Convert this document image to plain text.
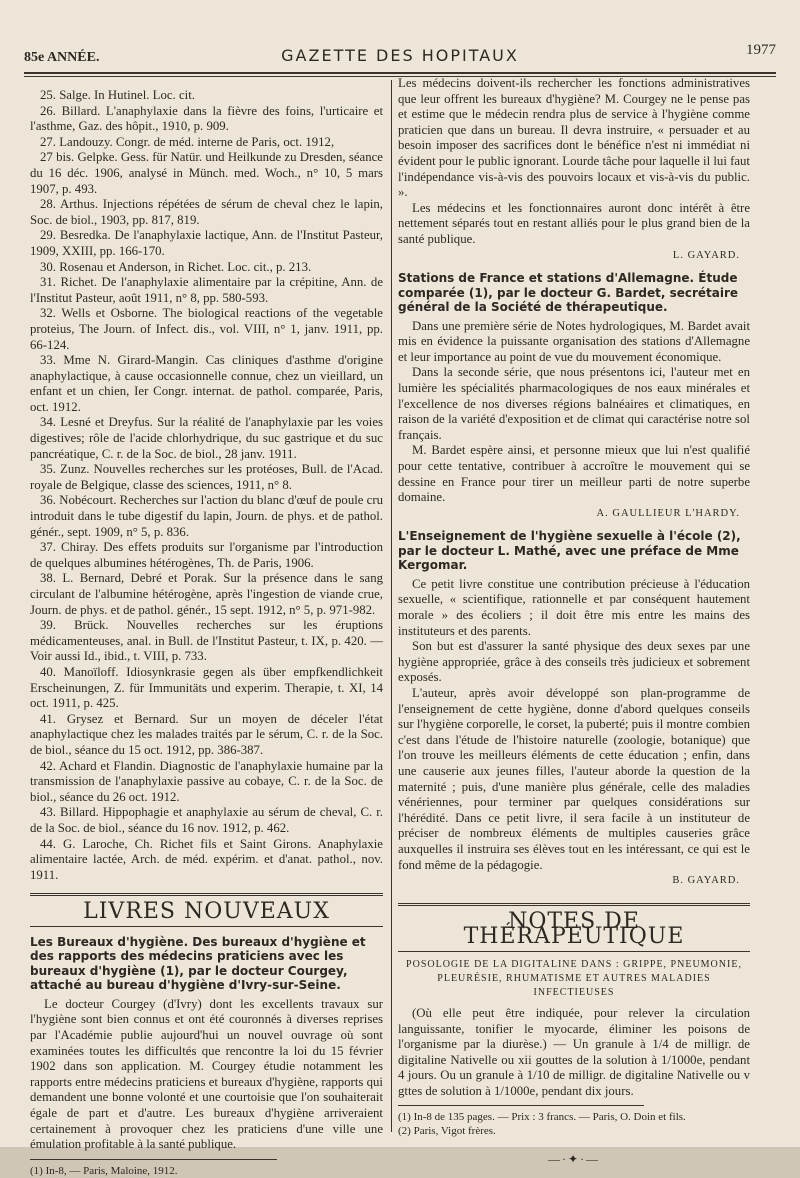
85e ANNÉE.	GAZETTE DES HOPITAUX	1977

25. Salge. In Hutinel. Loc. cit.

26. Billard. L'anaphylaxie dans la fièvre des foins, l'urticaire et l'asthme, Gaz. des hôpit., 1910, p. 909.

27. Landouzy. Congr. de méd. interne de Paris, oct. 1912,

27 bis. Gelpke. Gess. für Natür. und Heilkunde zu Dresden, séance du 16 déc. 1906, analysé in Münch. med. Woch., n° 10, 5 mars 1907, p. 493.

28. Arthus. Injections répétées de sérum de cheval chez le lapin, Soc. de biol., 1903, pp. 817, 819.

29. Besredka. De l'anaphylaxie lactique, Ann. de l'Institut Pasteur, 1909, XXIII, pp. 166-170.

30. Rosenau et Anderson, in Richet. Loc. cit., p. 213.

31. Richet. De l'anaphylaxie alimentaire par la crépitine, Ann. de l'Institut Pasteur, août 1911, n° 8, pp. 580-593.

32. Wells et Osborne. The biological reactions of the vegetable proteius, The Journ. of Infect. dis., vol. VIII, n° 1, janv. 1911, pp. 66-124.

33. Mme N. Girard-Mangin. Cas cliniques d'asthme d'origine anaphylactique, à cause occasionnelle connue, chez un vieillard, un enfant et un chien, Ier Congr. internat. de pathol. comparée, Paris, oct. 1912.

34. Lesné et Dreyfus. Sur la réalité de l'anaphylaxie par les voies digestives; rôle de l'acide chlorhydrique, du suc gastrique et du suc pancréatique, C. r. de la Soc. de biol., 28 janv. 1911.

35. Zunz. Nouvelles recherches sur les protéoses, Bull. de l'Acad. royale de Belgique, classe des sciences, 1911, n° 8.

36. Nobécourt. Recherches sur l'action du blanc d'œuf de poule cru introduit dans le tube digestif du lapin, Journ. de phys. et de pathol. génér., sept. 1909, n° 5, p. 836.

37. Chiray. Des effets produits sur l'organisme par l'introduction de quelques albumines hétérogènes, Th. de Paris, 1906.

38. L. Bernard, Debré et Porak. Sur la présence dans le sang circulant de l'albumine hétérogène, après l'ingestion de viande crue, Journ. de phys. et de pathol. génér., 15 sept. 1912, n° 5, p. 971-982.

39. Brück. Nouvelles recherches sur les éruptions médicamenteuses, anal. in Bull. de l'Institut Pasteur, t. IX, p. 420. — Voir aussi Id., ibid., t. VIII, p. 733.

40. Manoïloff. Idiosynkrasie gegen als über empfkendlichkeit Erscheinungen, Z. für Immunitäts und experim. Therapie, t. XI, 14 oct. 1911, p. 425.

41. Grysez et Bernard. Sur un moyen de déceler l'état anaphylactique chez les malades traités par le sérum, C. r. de la Soc. de biol., séance du 15 oct. 1912, pp. 386-387.

42. Achard et Flandin. Diagnostic de l'anaphylaxie humaine par la transmission de l'anaphylaxie passive au cobaye, C. r. de la Soc. de biol., séance du 26 oct. 1912.

43. Billard. Hippophagie et anaphylaxie au sérum de cheval, C. r. de la Soc. de biol., séance du 16 nov. 1912, p. 462.

44. G. Laroche, Ch. Richet fils et Saint Girons. Anaphylaxie alimentaire lactée, Arch. de méd. expérim. et d'anat. pathol., nov. 1911.

LIVRES NOUVEAUX
Les Bureaux d'hygiène. Des bureaux d'hygiène et des rapports des médecins praticiens avec les bureaux d'hygiène (1), par le docteur Courgey, attaché au bureau d'hygiène d'Ivry-sur-Seine.

Le docteur Courgey (d'Ivry) dont les excellents travaux sur l'hygiène sont bien connus et ont été couronnés à diverses reprises par l'Académie publie aujourd'hui un nouvel ouvrage où sont examinées toutes les difficultés que rencontre la loi du 15 février 1902 dans son application. M. Courgey étudie notamment les rapports entre médecins praticiens et bureaux d'hygiène, rapports qui demandent une bonne volonté et une courtoisie que l'on souhaiterait égale de part et d'autre. Les bureaux d'hygiène arriveraient certainement à provoquer chez les praticiens d'une ville une émulation profitable à la santé publique.

(1) In-8, — Paris, Maloine, 1912.

Les médecins doivent-ils rechercher les fonctions administratives que leur offrent les bureaux d'hygiène? M. Courgey ne le pense pas et estime que le médecin rendra plus de service à l'hygiène comme praticien que dans un bureau. Il devra instruire, « persuader et au besoin imposer des sacrifices dont le bénéfice n'est ni immédiat ni évident pour le public ignorant. Lourde tâche pour laquelle il lui faut l'indépendance vis-à-vis des pouvoirs locaux et vis-à-vis du public. ».

Les médecins et les fonctionnaires auront donc intérêt à être nettement séparés tout en restant alliés pour le plus grand bien de la santé publique.

L. GAYARD.

Stations de France et stations d'Allemagne. Étude comparée (1), par le docteur G. Bardet, secrétaire général de la Société de thérapeutique.

Dans une première série de Notes hydrologiques, M. Bardet avait mis en évidence la puissante organisation des stations d'Allemagne et leur importance au point de vue du mouvement économique.

Dans la seconde série, que nous présentons ici, l'auteur met en lumière les spécialités pharmacologiques de nos eaux minérales et l'excellence de nos diverses régions balnéaires et climatiques, en raison de la variété d'exposition et de climat qui caractérise notre sol français.

M. Bardet espère ainsi, et personne mieux que lui n'est qualifié pour cette tentative, contribuer à accroître le mouvement qui se dessine en France pour tirer un meilleur parti de notre superbe domaine.

A. GAULLIEUR L'HARDY.

L'Enseignement de l'hygiène sexuelle à l'école (2), par le docteur L. Mathé, avec une préface de Mme Kergomar.

Ce petit livre constitue une contribution précieuse à l'éducation sexuelle, « scientifique, rationnelle et par conséquent hautement morale » des écoliers ; il doit être mis entre les mains des instituteurs et des parents.

Son but est d'assurer la santé physique des deux sexes par une hygiène appropriée, grâce à des conseils très judicieux et sobrement exposés.

L'auteur, après avoir développé son plan-programme de l'enseignement de cette hygiène, donne d'abord quelques conseils sur l'hygiène corporelle, le corset, la puberté; puis il montre combien c'est dans l'étude de l'histoire naturelle (zoologie, botanique) que l'on trouve les meilleurs éléments de cette éducation ; enfin, dans une causerie aux jeunes filles, l'auteur aborde la question de la maternité ; puis, d'une manière plus générale, celle des maladies vénériennes, pour terminer par quelques considérations sur l'hérédité. Dans ce petit livre, il sera facile à un instituteur de préciser de nombreux éléments de multiples causeries grâce auxquelles il instruira ses élèves tout en les intéressant, ce qui est le fond même de la pédagogie.

B. GAYARD.

NOTES DE THÉRAPEUTIQUE
POSOLOGIE DE LA DIGITALINE DANS : GRIPPE, PNEUMONIE, PLEURÉSIE, RHUMATISME ET AUTRES MALADIES INFECTIEUSES

(Où elle peut être indiquée, pour relever la circulation languissante, tonifier le myocarde, éliminer les poisons de l'organisme par la diurèse.) — Un granule à 1/4 de milligr. de digitaline Nativelle ou xii gouttes de la solution à 1/1000e, pendant 4 jours. Ou un granule à 1/10 de milligr. de digitaline Nativelle ou v gttes de solution à 1/1000e, pendant dix jours.

(1) In-8 de 135 pages. — Prix : 3 francs. — Paris, O. Doin et fils.

(2) Paris, Vigot frères.

—·✦·—
